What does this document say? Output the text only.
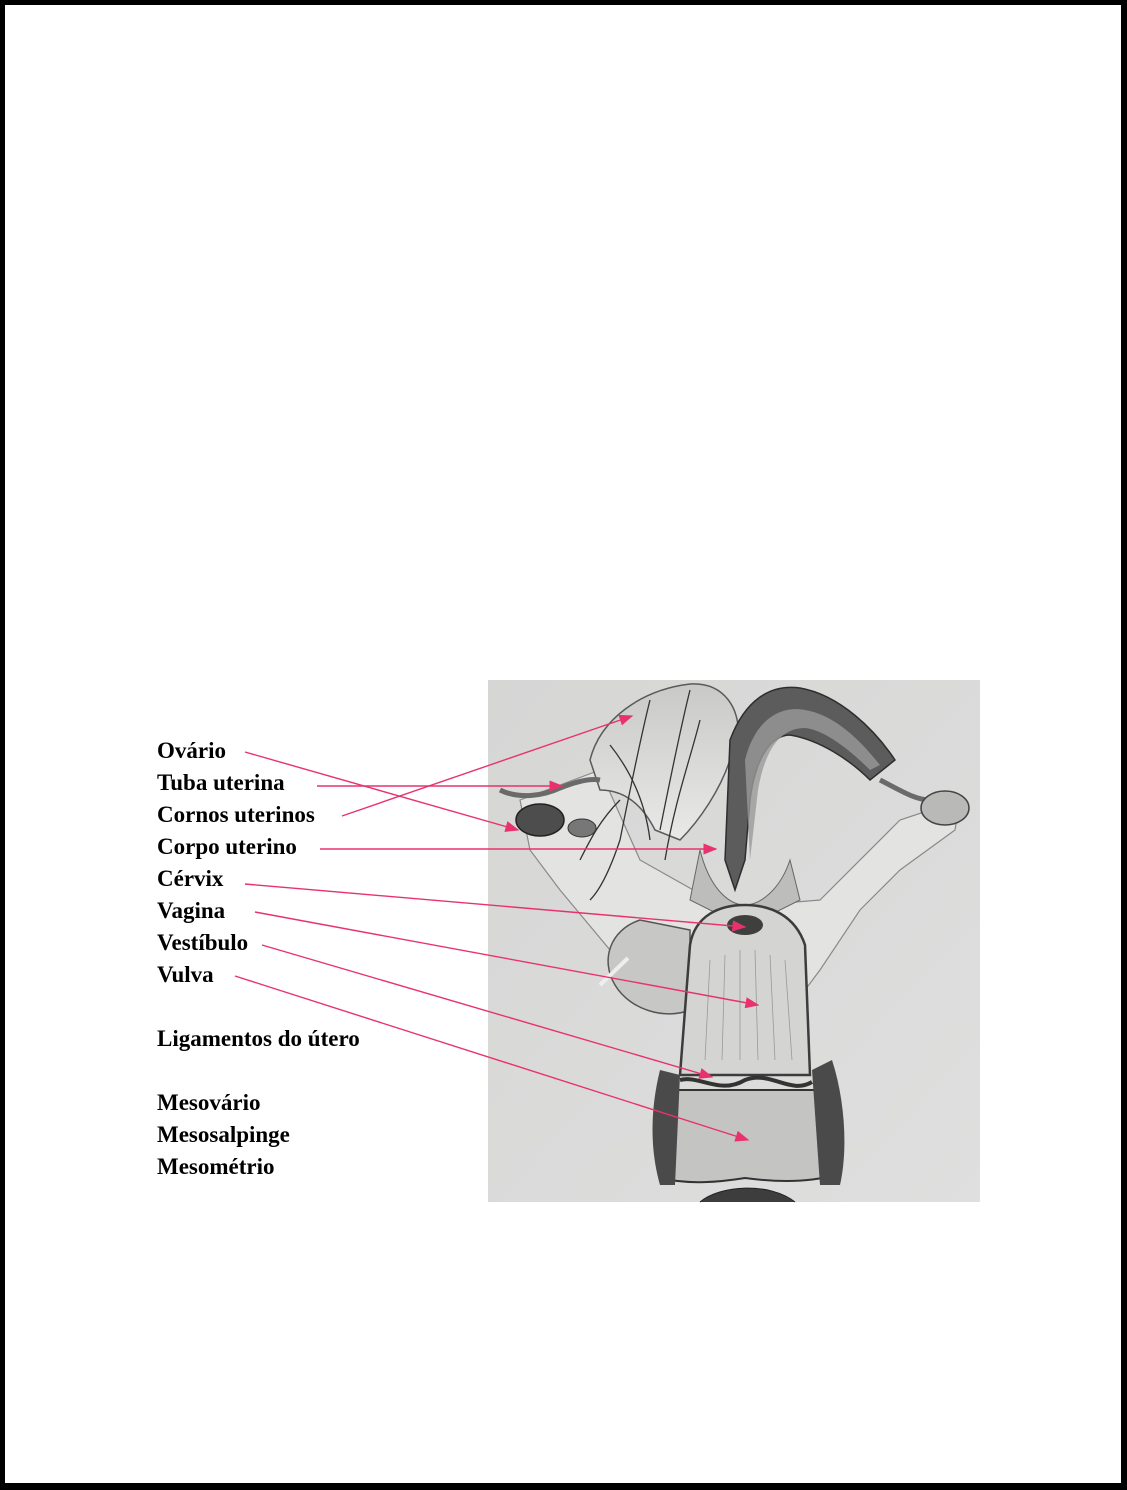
Ovário
Tuba uterina
Cornos uterinos
Corpo uterino
Cérvix
Vagina
Vestíbulo
Vulva
Ligamentos do útero
Mesovário
Mesosalpinge
Mesométrio
